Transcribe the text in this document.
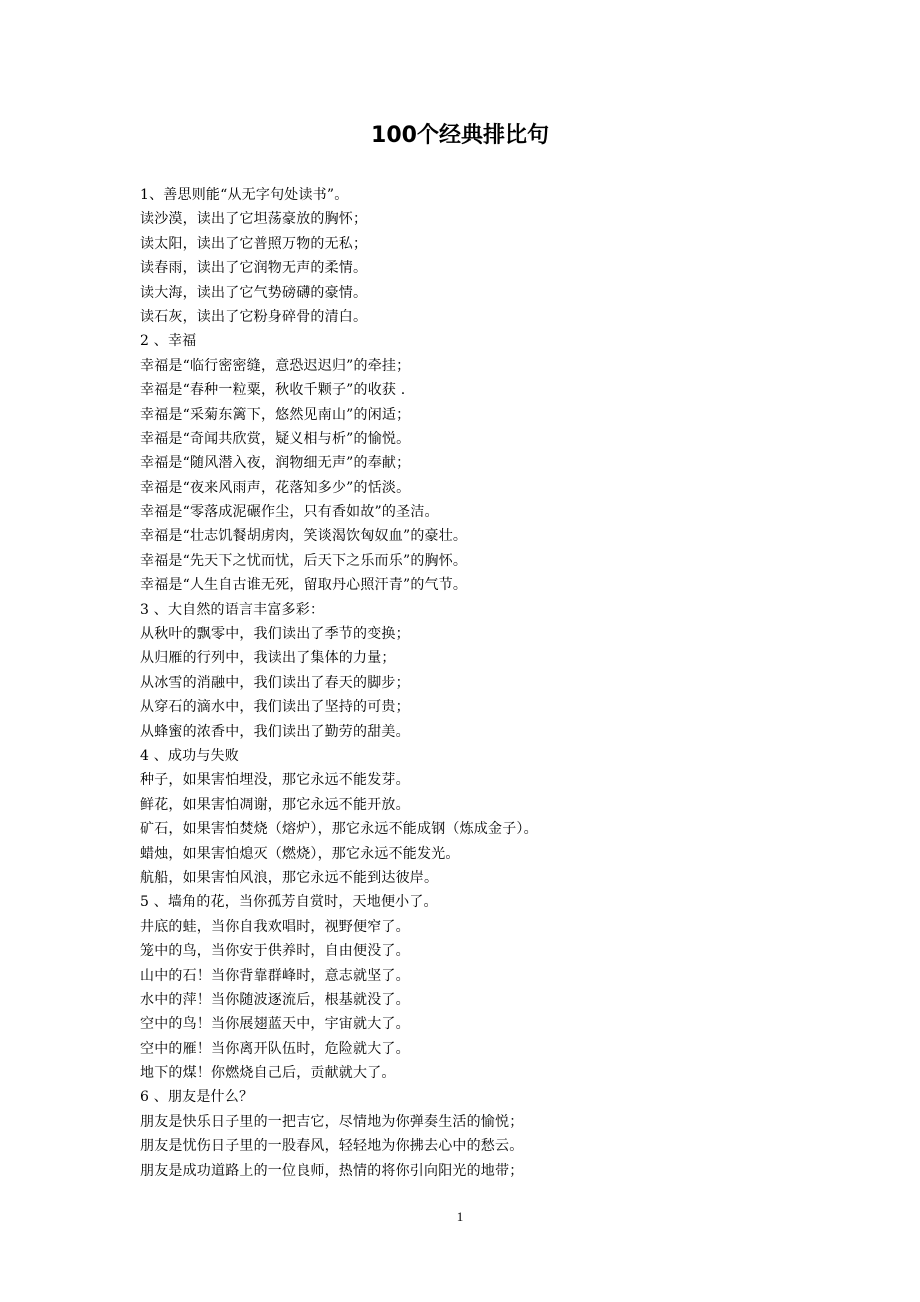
100个经典排比句
1、善思则能“从无字句处读书”。
读沙漠，读出了它坦荡豪放的胸怀；
读太阳，读出了它普照万物的无私；
读春雨，读出了它润物无声的柔情。
读大海，读出了它气势磅礴的豪情。
读石灰，读出了它粉身碎骨的清白。
2 、幸福
幸福是“临行密密缝，意恐迟迟归”的牵挂；
幸福是“春种一粒粟，秋收千颗子”的收获 .
幸福是“采菊东篱下，悠然见南山”的闲适；
幸福是“奇闻共欣赏，疑义相与析”的愉悦。
幸福是“随风潜入夜，润物细无声”的奉献；
幸福是“夜来风雨声，花落知多少”的恬淡。
幸福是“零落成泥碾作尘，只有香如故”的圣洁。
幸福是“壮志饥餐胡虏肉，笑谈渴饮匈奴血”的豪壮。
幸福是“先天下之忧而忧，后天下之乐而乐”的胸怀。
幸福是“人生自古谁无死，留取丹心照汗青”的气节。
3 、大自然的语言丰富多彩：
从秋叶的飘零中，我们读出了季节的变换；
从归雁的行列中，我读出了集体的力量；
从冰雪的消融中，我们读出了春天的脚步；
从穿石的滴水中，我们读出了坚持的可贵；
从蜂蜜的浓香中，我们读出了勤劳的甜美。
4 、成功与失败
种子，如果害怕埋没，那它永远不能发芽。
鲜花，如果害怕凋谢，那它永远不能开放。
矿石，如果害怕焚烧（熔炉），那它永远不能成钢（炼成金子）。
蜡烛，如果害怕熄灭（燃烧），那它永远不能发光。
航船，如果害怕风浪，那它永远不能到达彼岸。
5 、墙角的花，当你孤芳自赏时，天地便小了。
井底的蛙，当你自我欢唱时，视野便窄了。
笼中的鸟，当你安于供养时，自由便没了。
山中的石！当你背靠群峰时，意志就坚了。
水中的萍！当你随波逐流后，根基就没了。
空中的鸟！当你展翅蓝天中，宇宙就大了。
空中的雁！当你离开队伍时，危险就大了。
地下的煤！你燃烧自己后，贡献就大了。
6 、朋友是什么？
朋友是快乐日子里的一把吉它，尽情地为你弹奏生活的愉悦；
朋友是忧伤日子里的一股春风，轻轻地为你拂去心中的愁云。
朋友是成功道路上的一位良师，热情的将你引向阳光的地带；
1
